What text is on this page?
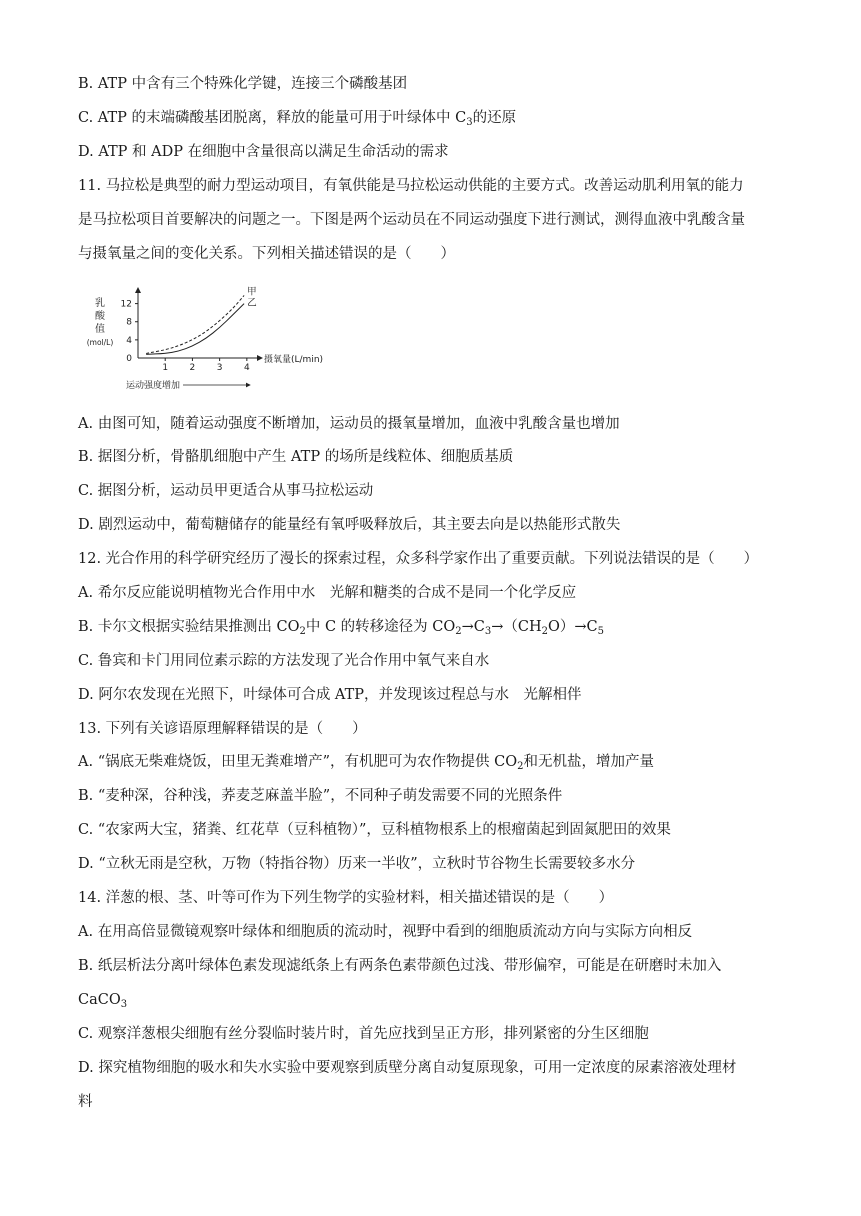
B. ATP 中含有三个特殊化学键，连接三个磷酸基团
C. ATP 的末端磷酸基团脱离，释放的能量可用于叶绿体中 $C_3$的还原
D. ATP 和 ADP 在细胞中含量很高以满足生命活动的需求
11. 马拉松是典型的耐力型运动项目，有氧供能是马拉松运动供能的主要方式。改善运动肌利用氧的能力
是马拉松项目首要解决的问题之一。下图是两个运动员在不同运动强度下进行测试，测得血液中乳酸含量
与摄氧量之间的变化关系。下列相关描述错误的是（　　）
乳
酸
值
(mol/L) 4
8
12
0
1 2 3 4
甲
乙
摄氧量(L/min)
运动强度增加
A. 由图可知，随着运动强度不断增加，运动员的摄氧量增加，血液中乳酸含量也增加
B. 据图分析，骨骼肌细胞中产生 ATP 的场所是线粒体、细胞质基质
C. 据图分析，运动员甲更适合从事马拉松运动
D. 剧烈运动中，葡萄糖储存的能量经有氧呼吸释放后，其主要去向是以热能形式散失
12. 光合作用的科学研究经历了漫长的探索过程，众多科学家作出了重要贡献。下列说法错误的是（　　）
A. 希尔反应能说明植物光合作用中水　光解和糖类的合成不是同一个化学反应
B. 卡尔文根据实验结果推测出 $CO_2$中 C 的转移途径为 $CO_2\to C_3\to(CH_2O)\to C_5$
C. 鲁宾和卡门用同位素示踪的方法发现了光合作用中氧气来自水
D. 阿尔农发现在光照下，叶绿体可合成 ATP，并发现该过程总与水　光解相伴
13. 下列有关谚语原理解释错误的是（　　）
A. “锅底无柴难烧饭，田里无粪难增产”，有机肥可为农作物提供 $CO_2$和无机盐，增加产量
B. “麦种深，谷种浅，荞麦芝麻盖半脸”，不同种子萌发需要不同的光照条件
C. “农家两大宝，猪粪、红花草（豆科植物）”，豆科植物根系上的根瘤菌起到固氮肥田的效果
D. “立秋无雨是空秋，万物（特指谷物）历来一半收”，立秋时节谷物生长需要较多水分
14. 洋葱的根、茎、叶等可作为下列生物学的实验材料，相关描述错误的是（　　）
A. 在用高倍显微镜观察叶绿体和细胞质的流动时，视野中看到的细胞质流动方向与实际方向相反
B. 纸层析法分离叶绿体色素发现滤纸条上有两条色素带颜色过浅、带形偏窄，可能是在研磨时未加入
CaCO$_3$
C. 观察洋葱根尖细胞有丝分裂临时装片时，首先应找到呈正方形，排列紧密的分生区细胞
D. 探究植物细胞的吸水和失水实验中要观察到质壁分离自动复原现象，可用一定浓度的尿素溶液处理材
料
